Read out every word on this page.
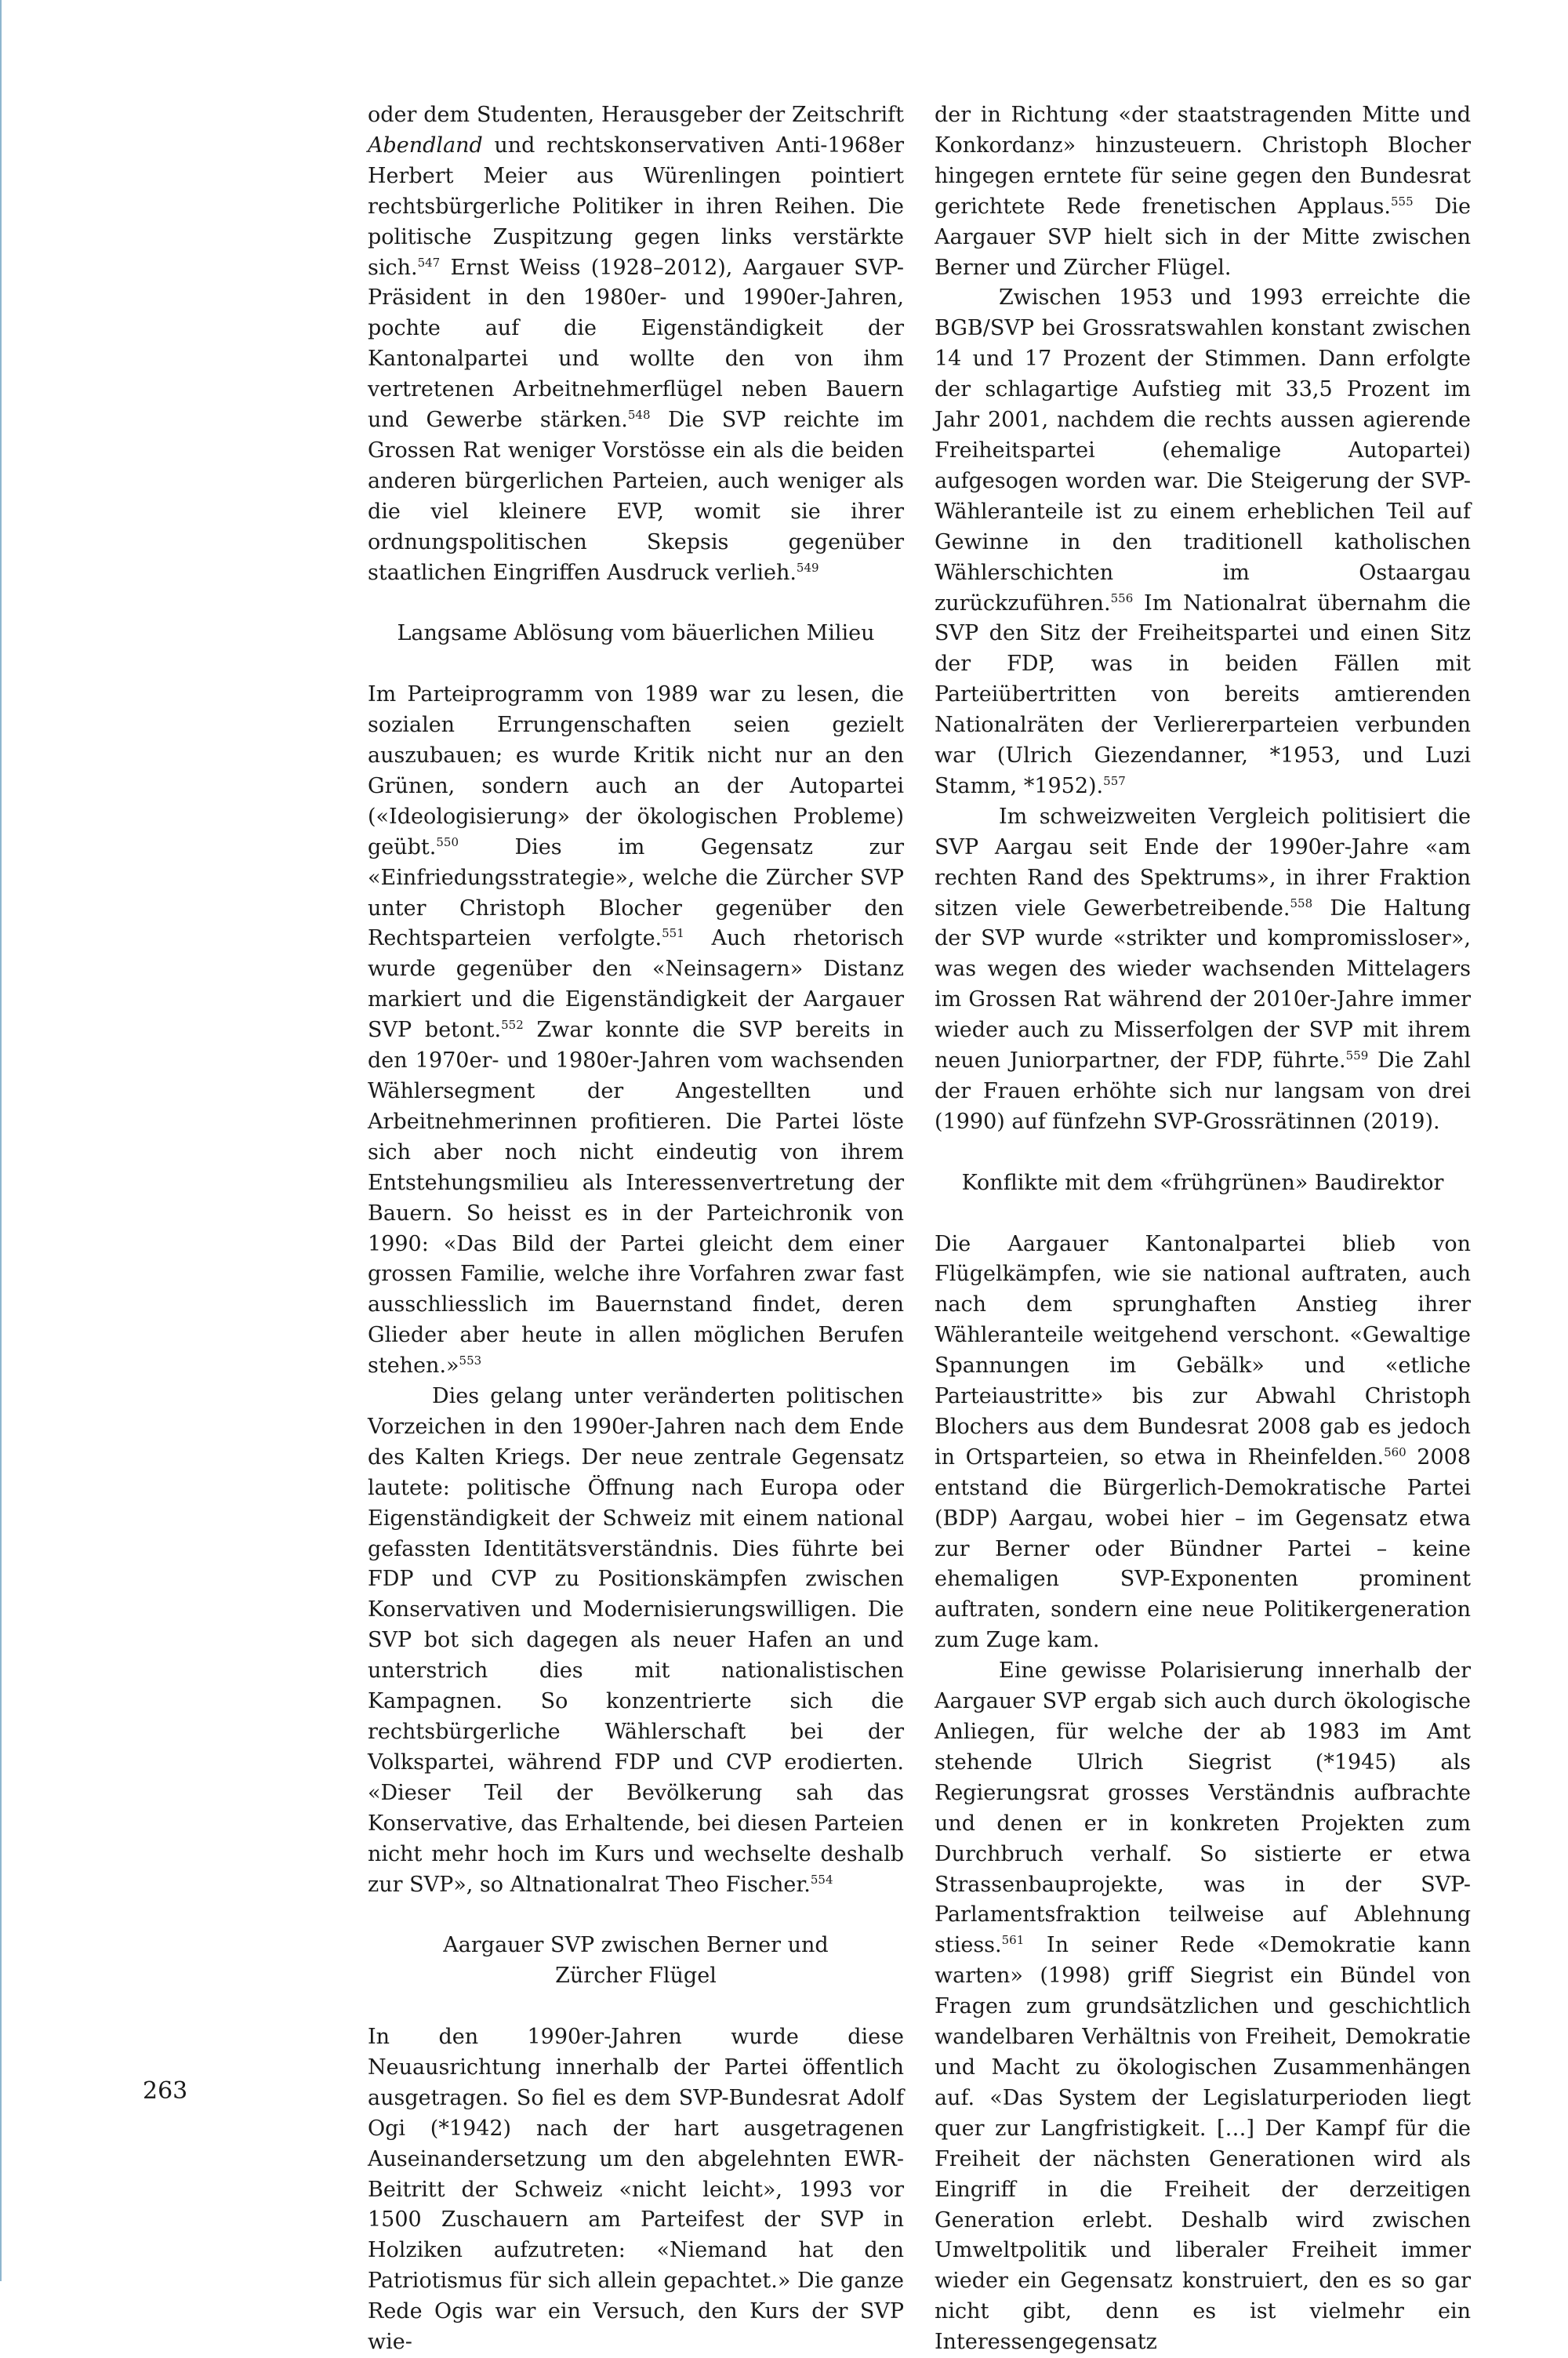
oder dem Studenten, Herausgeber der Zeitschrift Abendland und rechtskonservativen Anti-1968er Herbert Meier aus Würenlingen pointiert rechtsbürgerliche Politiker in ihren Reihen. Die politische Zuspitzung gegen links verstärkte sich.$^{547}$ Ernst Weiss (1928–2012), Aargauer SVP-Präsident in den 1980er- und 1990er-Jahren, pochte auf die Eigenständigkeit der Kantonalpartei und wollte den von ihm vertretenen Arbeitnehmerflügel neben Bauern und Gewerbe stärken.$^{548}$ Die SVP reichte im Grossen Rat weniger Vorstösse ein als die beiden anderen bürgerlichen Parteien, auch weniger als die viel kleinere EVP, womit sie ihrer ordnungspolitischen Skepsis gegenüber staatlichen Eingriffen Ausdruck verlieh.$^{549}$

Langsame Ablösung vom bäuerlichen Milieu

Im Parteiprogramm von 1989 war zu lesen, die sozialen Errungenschaften seien gezielt auszubauen; es wurde Kritik nicht nur an den Grünen, sondern auch an der Autopartei («Ideologisierung» der ökologischen Probleme) geübt.$^{550}$ Dies im Gegensatz zur «Einfriedungsstrategie», welche die Zürcher SVP unter Christoph Blocher gegenüber den Rechtsparteien verfolgte.$^{551}$ Auch rhetorisch wurde gegenüber den «Neinsagern» Distanz markiert und die Eigenständigkeit der Aargauer SVP betont.$^{552}$ Zwar konnte die SVP bereits in den 1970er- und 1980er-Jahren vom wachsenden Wählersegment der Angestellten und Arbeitnehmerinnen profitieren. Die Partei löste sich aber noch nicht eindeutig von ihrem Entstehungsmilieu als Interessenvertretung der Bauern. So heisst es in der Parteichronik von 1990: «Das Bild der Partei gleicht dem einer grossen Familie, welche ihre Vorfahren zwar fast ausschliesslich im Bauernstand findet, deren Glieder aber heute in allen möglichen Berufen stehen.»$^{553}$

Dies gelang unter veränderten politischen Vorzeichen in den 1990er-Jahren nach dem Ende des Kalten Kriegs. Der neue zentrale Gegensatz lautete: politische Öffnung nach Europa oder Eigenständigkeit der Schweiz mit einem national gefassten Identitätsverständnis. Dies führte bei FDP und CVP zu Positionskämpfen zwischen Konservativen und Modernisierungswilligen. Die SVP bot sich dagegen als neuer Hafen an und unterstrich dies mit nationalistischen Kampagnen. So konzentrierte sich die rechtsbürgerliche Wählerschaft bei der Volkspartei, während FDP und CVP erodierten. «Dieser Teil der Bevölkerung sah das Konservative, das Erhaltende, bei diesen Parteien nicht mehr hoch im Kurs und wechselte deshalb zur SVP», so Altnationalrat Theo Fischer.$^{554}$

Aargauer SVP zwischen Berner und
Zürcher Flügel

In den 1990er-Jahren wurde diese Neuausrichtung innerhalb der Partei öffentlich ausgetragen. So fiel es dem SVP-Bundesrat Adolf Ogi (*1942) nach der hart ausgetragenen Auseinandersetzung um den abgelehnten EWR-Beitritt der Schweiz «nicht leicht», 1993 vor 1500 Zuschauern am Parteifest der SVP in Holziken aufzutreten: «Niemand hat den Patriotismus für sich allein gepachtet.» Die ganze Rede Ogis war ein Versuch, den Kurs der SVP wie-

der in Richtung «der staatstragenden Mitte und Konkordanz» hinzusteuern. Christoph Blocher hingegen erntete für seine gegen den Bundesrat gerichtete Rede frenetischen Applaus.$^{555}$ Die Aargauer SVP hielt sich in der Mitte zwischen Berner und Zürcher Flügel.

Zwischen 1953 und 1993 erreichte die BGB/SVP bei Grossratswahlen konstant zwischen 14 und 17 Prozent der Stimmen. Dann erfolgte der schlagartige Aufstieg mit 33,5 Prozent im Jahr 2001, nachdem die rechts aussen agierende Freiheitspartei (ehemalige Autopartei) aufgesogen worden war. Die Steigerung der SVP-Wähleranteile ist zu einem erheblichen Teil auf Gewinne in den traditionell katholischen Wählerschichten im Ostaargau zurückzuführen.$^{556}$ Im Nationalrat übernahm die SVP den Sitz der Freiheitspartei und einen Sitz der FDP, was in beiden Fällen mit Parteiübertritten von bereits amtierenden Nationalräten der Verliererparteien verbunden war (Ulrich Giezendanner, *1953, und Luzi Stamm, *1952).$^{557}$

Im schweizweiten Vergleich politisiert die SVP Aargau seit Ende der 1990er-Jahre «am rechten Rand des Spektrums», in ihrer Fraktion sitzen viele Gewerbetreibende.$^{558}$ Die Haltung der SVP wurde «strikter und kompromissloser», was wegen des wieder wachsenden Mittelagers im Grossen Rat während der 2010er-Jahre immer wieder auch zu Misserfolgen der SVP mit ihrem neuen Juniorpartner, der FDP, führte.$^{559}$ Die Zahl der Frauen erhöhte sich nur langsam von drei (1990) auf fünfzehn SVP-Grossrätinnen (2019).

Konflikte mit dem «frühgrünen» Baudirektor

Die Aargauer Kantonalpartei blieb von Flügelkämpfen, wie sie national auftraten, auch nach dem sprunghaften Anstieg ihrer Wähleranteile weitgehend verschont. «Gewaltige Spannungen im Gebälk» und «etliche Parteiaustritte» bis zur Abwahl Christoph Blochers aus dem Bundesrat 2008 gab es jedoch in Ortsparteien, so etwa in Rheinfelden.$^{560}$ 2008 entstand die Bürgerlich-Demokratische Partei (BDP) Aargau, wobei hier – im Gegensatz etwa zur Berner oder Bündner Partei – keine ehemaligen SVP-Exponenten prominent auftraten, sondern eine neue Politikergeneration zum Zuge kam.

Eine gewisse Polarisierung innerhalb der Aargauer SVP ergab sich auch durch ökologische Anliegen, für welche der ab 1983 im Amt stehende Ulrich Siegrist (*1945) als Regierungsrat grosses Verständnis aufbrachte und denen er in konkreten Projekten zum Durchbruch verhalf. So sistierte er etwa Strassenbauprojekte, was in der SVP-Parlamentsfraktion teilweise auf Ablehnung stiess.$^{561}$ In seiner Rede «Demokratie kann warten» (1998) griff Siegrist ein Bündel von Fragen zum grundsätzlichen und geschichtlich wandelbaren Verhältnis von Freiheit, Demokratie und Macht zu ökologischen Zusammenhängen auf. «Das System der Legislaturperioden liegt quer zur Langfristigkeit. […] Der Kampf für die Freiheit der nächsten Generationen wird als Eingriff in die Freiheit der derzeitigen Generation erlebt. Deshalb wird zwischen Umweltpolitik und liberaler Freiheit immer wieder ein Gegensatz konstruiert, den es so gar nicht gibt, denn es ist vielmehr ein Interessengegensatz

263
